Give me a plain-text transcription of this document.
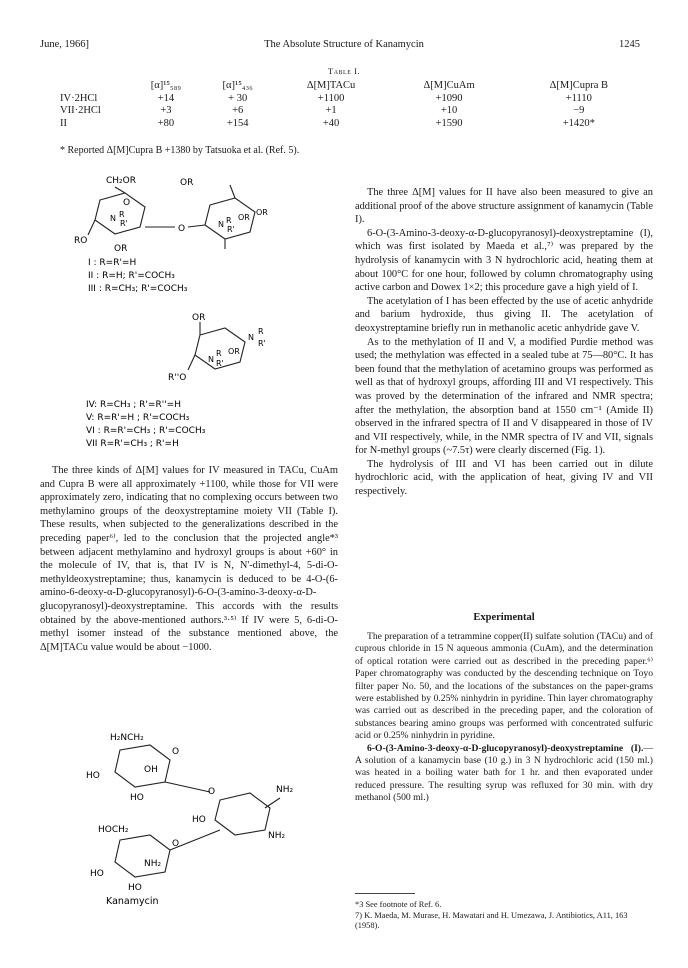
June, 1966]	The Absolute Structure of Kanamycin	1245
Table I.
	[α]¹⁵₅₈₉	[α]¹⁵₄₃₆	Δ[M]TACu	Δ[M]CuAm	Δ[M]Cupra B
IV·2HCl	+14	+ 30	+1100	+1090	+1110
VII·2HCl	+3	+6	+1	+10	−9
II	+80	+154	+40	+1590	+1420*
* Reported Δ[M]Cupra B +1380 by Tatsuoka et al. (Ref. 5).
CH₂OR	OR
O
N R
R'
RO
OR
O	N R
R'
OR
OR
I : R=R'=H
II : R=H; R'=COCH₃
III : R=CH₃; R'=COCH₃
OR
N
R
R'
OR
N
R
R'
R''O
IV: R=CH₃ ; R'=R''=H
V: R=R'=H ; R'=COCH₃
VI : R=R'=CH₃ ; R'=COCH₃
VII R=R'=CH₃ ; R'=H

The three kinds of Δ[M] values for IV measured in TACu, CuAm and Cupra B were all approximately +1100, while those for VII were approximately zero, indicating that no complexing occurs between two methylamino groups of the deoxystreptamine moiety VII (Table I). These results, when subjected to the generalizations described in the preceding paper⁶⁾, led to the conclusion that the projected angle*³ between adjacent methylamino and hydroxyl groups is about +60° in the molecule of IV, that is, that IV is N, N'-dimethyl-4, 5-di-O-methyldeoxystreptamine; thus, kanamycin is deduced to be 4-O-(6-amino-6-deoxy-α-D-glucopyranosyl)-6-O-(3-amino-3-deoxy-α-D-glucopyranosyl)-deoxystreptamine. This accords with the results obtained by the above-mentioned authors.³·⁵⁾ If IV were 5, 6-di-O-methyl isomer instead of the substance mentioned above, the Δ[M]TACu value would be about −1000.

H₂NCH₂
O
OH
HO
HO
O	NH₂
HO
NH₂
HOCH₂
O
NH₂
HO
HO
Kanamycin

The three Δ[M] values for II have also been measured to give an additional proof of the above structure assignment of kanamycin (Table I).

6-O-(3-Amino-3-deoxy-α-D-glucopyranosyl)-deoxystreptamine (I), which was first isolated by Maeda et al.,⁷⁾ was prepared by the hydrolysis of kanamycin with 3 N hydrochloric acid, heating them at about 100°C for one hour, followed by column chromatography using active carbon and Dowex 1×2; this procedure gave a high yield of I.

The acetylation of I has been effected by the use of acetic anhydride and barium hydroxide, thus giving II. The acetylation of deoxystreptamine briefly run in methanolic acetic anhydride gave V.

As to the methylation of II and V, a modified Purdie method was used; the methylation was effected in a sealed tube at 75—80°C. It has been found that the methylation of acetamino groups was performed as well as that of hydroxyl groups, affording III and VI respectively. This was proved by the determination of the infrared and NMR spectra; after the methylation, the absorption band at 1550 cm⁻¹ (Amide II) observed in the infrared spectra of II and V disappeared in those of IV and VII respectively, while, in the NMR spectra of IV and VII, signals for N-methyl groups (~7.5τ) were clearly discerned (Fig. 1).

The hydrolysis of III and VI has been carried out in dilute hydrochloric acid, with the application of heat, giving IV and VII respectively.

Experimental

The preparation of a tetrammine copper(II) sulfate solution (TACu) and of cuprous chloride in 15 N aqueous ammonia (CuAm), and the determination of optical rotation were carried out as described in the preceding paper.⁶⁾ Paper chromatography was conducted by the descending technique on Toyo filter paper No. 50, and the locations of the substances on the paper-grams were established by 0.25% ninhydrin in pyridine. Thin layer chromatography was carried out as described in the preceding paper, and the coloration of substances bearing amino groups was performed with concentrated sulfuric acid or 0.25% ninhydrin in pyridine.

6-O-(3-Amino-3-deoxy-α-D-glucopyranosyl)-deoxystreptamine (I).—A solution of a kanamycin base (10 g.) in 3 N hydrochloric acid (150 ml.) was heated in a boiling water bath for 1 hr. and then evaporated under reduced pressure. The resulting syrup was refluxed for 30 min. with dry methanol (500 ml.)

*3 See footnote of Ref. 6.
7) K. Maeda, M. Murase, H. Mawatari and H. Umezawa, J. Antibiotics, A11, 163 (1958).
